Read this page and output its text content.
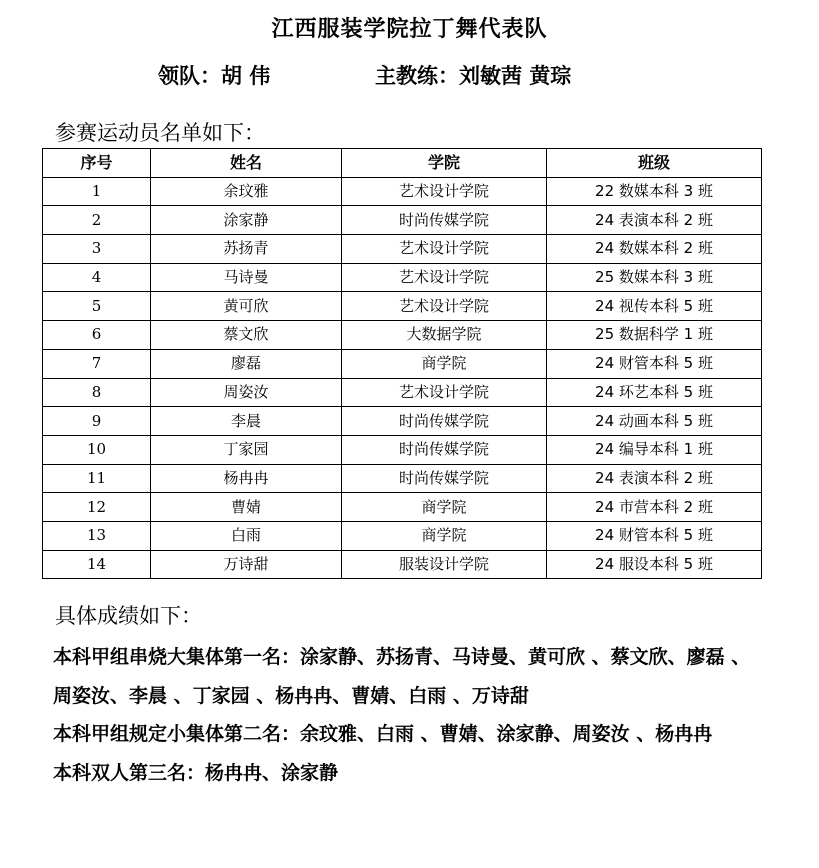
江西服装学院拉丁舞代表队
领队：胡 伟	主教练：刘敏茜 黄琮
参赛运动员名单如下：
序号	姓名	学院	班级
1	余玟雅	艺术设计学院	22 数媒本科 3 班
2	涂家静	时尚传媒学院	24 表演本科 2 班
3	苏扬青	艺术设计学院	24 数媒本科 2 班
4	马诗曼	艺术设计学院	25 数媒本科 3 班
5	黄可欣	艺术设计学院	24 视传本科 5 班
6	蔡文欣	大数据学院	25 数据科学 1 班
7	廖磊	商学院	24 财管本科 5 班
8	周姿汝	艺术设计学院	24 环艺本科 5 班
9	李晨	时尚传媒学院	24 动画本科 5 班
10	丁家园	时尚传媒学院	24 编导本科 1 班
11	杨冉冉	时尚传媒学院	24 表演本科 2 班
12	曹婧	商学院	24 市营本科 2 班
13	白雨	商学院	24 财管本科 5 班
14	万诗甜	服装设计学院	24 服设本科 5 班
具体成绩如下：

本科甲组串烧大集体第一名：涂家静、苏扬青、马诗曼、黄可欣 、蔡文欣、廖磊 、周姿汝、李晨 、丁家园 、杨冉冉、曹婧、白雨 、万诗甜

本科甲组规定小集体第二名：余玟雅、白雨 、曹婧、涂家静、周姿汝 、杨冉冉

本科双人第三名：杨冉冉、涂家静
